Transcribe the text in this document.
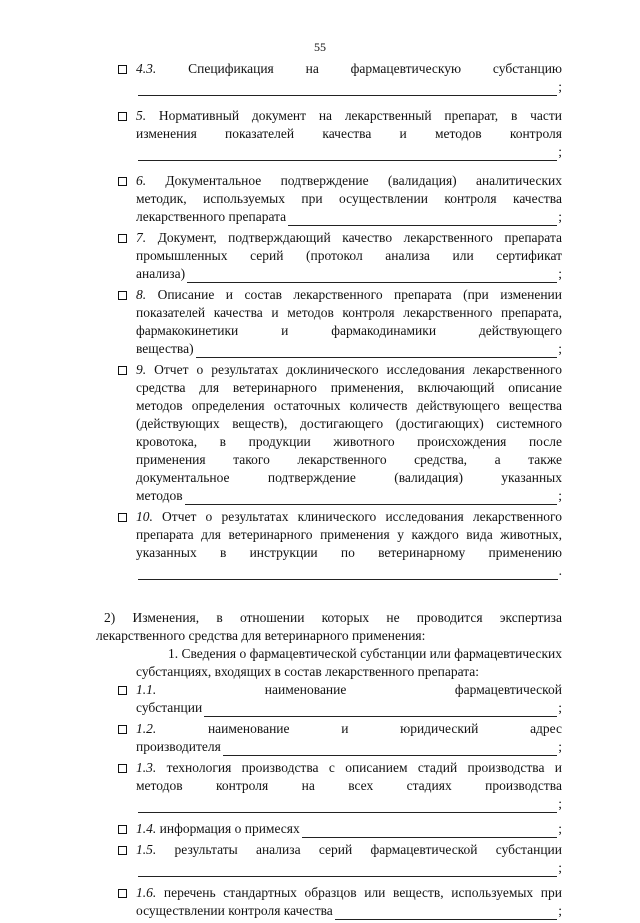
55
4.3. Спецификация на фармацевтическую субстанцию
;
5. Нормативный документ на лекарственный препарат, в части
изменения показателей качества и методов контроля
;
6. Документальное подтверждение (валидация) аналитических
методик, используемых при осуществлении контроля качества
лекарственного препарата	;
7. Документ, подтверждающий качество лекарственного препарата
промышленных серий (протокол анализа или сертификат
анализа)	;
8. Описание и состав лекарственного препарата (при изменении
показателей качества и методов контроля лекарственного препарата,
фармакокинетики и фармакодинамики действующего
вещества)	;
9. Отчет о результатах доклинического исследования лекарственного
средства для ветеринарного применения, включающий описание
методов определения остаточных количеств действующего вещества
(действующих веществ), достигающего (достигающих) системного
кровотока, в продукции животного происхождения после
применения такого лекарственного средства, а также
документальное подтверждение (валидация) указанных
методов	;
10. Отчет о результатах клинического исследования лекарственного
препарата для ветеринарного применения у каждого вида животных,
указанных в инструкции по ветеринарному применению
.
2) Изменения, в отношении которых не проводится экспертиза
лекарственного средства для ветеринарного применения:
1. Сведения о фармацевтической субстанции или фармацевтических
субстанциях, входящих в состав лекарственного препарата:
1.1.	наименование фармацевтической
субстанции	;
1.2.	наименование и юридический адрес
производителя	;
1.3. технология производства с описанием стадий производства и
методов контроля на всех стадиях производства
;
1.4.
информация о примесях	;
1.5. результаты анализа серий фармацевтической субстанции
;
1.6. перечень стандартных образцов или веществ, используемых при
осуществлении контроля качества	;
